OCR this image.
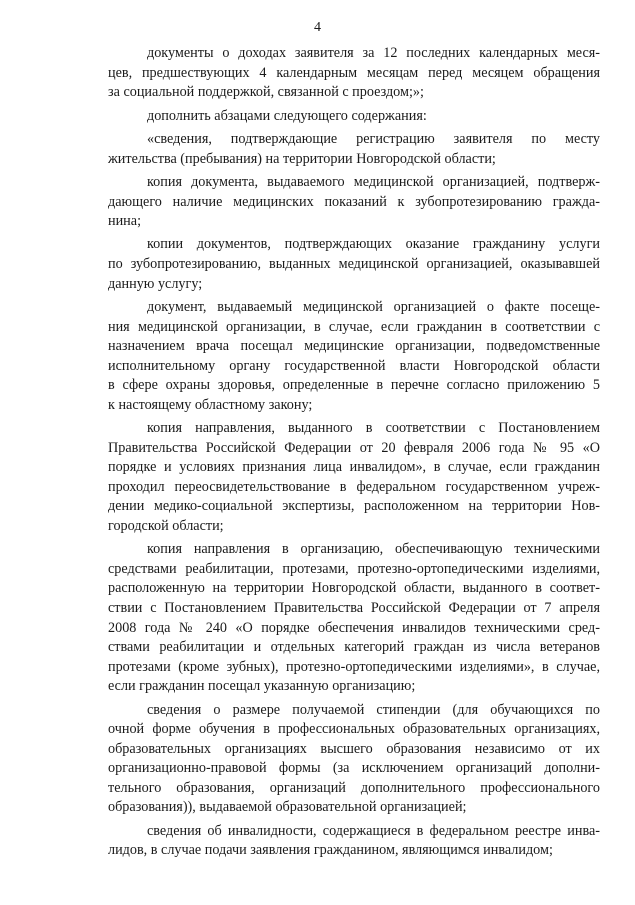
4
документы о доходах заявителя за 12 последних календарных меся-
цев, предшествующих 4 календарным месяцам перед месяцем обращения
за социальной поддержкой, связанной с проездом;»;
дополнить абзацами следующего содержания:
«сведения, подтверждающие регистрацию заявителя по месту
жительства (пребывания) на территории Новгородской области;
копия документа, выдаваемого медицинской организацией, подтверж-
дающего наличие медицинских показаний к зубопротезированию гражда-
нина;
копии документов, подтверждающих оказание гражданину услуги
по зубопротезированию, выданных медицинской организацией, оказывавшей
данную услугу;
документ, выдаваемый медицинской организацией о факте посеще-
ния медицинской организации, в случае, если гражданин в соответствии с
назначением врача посещал медицинские организации, подведомственные
исполнительному органу государственной власти Новгородской области
в сфере охраны здоровья, определенные в перечне согласно приложению 5
к настоящему областному закону;
копия направления, выданного в соответствии с Постановлением
Правительства Российской Федерации от 20 февраля 2006 года № 95 «О
порядке и условиях признания лица инвалидом», в случае, если гражданин
проходил переосвидетельствование в федеральном государственном учреж-
дении медико-социальной экспертизы, расположенном на территории Нов-
городской области;
копия направления в организацию, обеспечивающую техническими
средствами реабилитации, протезами, протезно-ортопедическими изделиями,
расположенную на территории Новгородской области, выданного в соответ-
ствии с Постановлением Правительства Российской Федерации от 7 апреля
2008 года № 240 «О порядке обеспечения инвалидов техническими сред-
ствами реабилитации и отдельных категорий граждан из числа ветеранов
протезами (кроме зубных), протезно-ортопедическими изделиями», в случае,
если гражданин посещал указанную организацию;
сведения о размере получаемой стипендии (для обучающихся по
очной форме обучения в профессиональных образовательных организациях,
образовательных организациях высшего образования независимо от их
организационно-правовой формы (за исключением организаций дополни-
тельного образования, организаций дополнительного профессионального
образования)), выдаваемой образовательной организацией;
сведения об инвалидности, содержащиеся в федеральном реестре инва-
лидов, в случае подачи заявления гражданином, являющимся инвалидом;
